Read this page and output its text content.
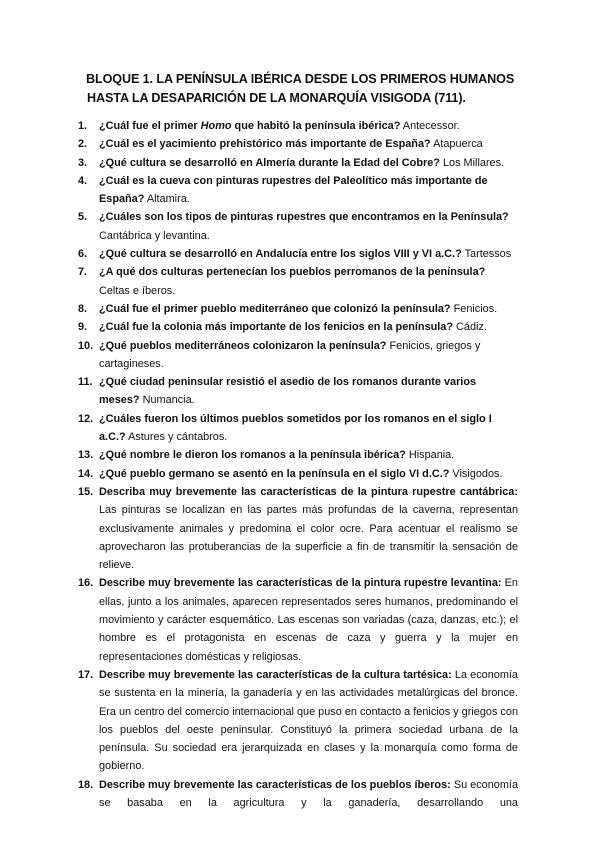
BLOQUE 1. LA PENÍNSULA IBÉRICA DESDE LOS PRIMEROS HUMANOS
HASTA LA DESAPARICIÓN DE LA MONARQUÍA VISIGODA (711).
1. ¿Cuál fue el primer Homo que habitó la península ibérica? Antecessor.
2. ¿Cuál es el yacimiento prehistórico más importante de España? Atapuerca
3. ¿Qué cultura se desarrolló en Almería durante la Edad del Cobre? Los Millares.
4. ¿Cuál es la cueva con pinturas rupestres del Paleolítico más importante de España? Altamira.
5. ¿Cuáles son los tipos de pinturas rupestres que encontramos en la Península? Cantábrica y levantina.
6. ¿Qué cultura se desarrolló en Andalucía entre los siglos VIII y VI a.C.? Tartessos
7. ¿A qué dos culturas pertenecían los pueblos perromanos de la península? Celtas e íberos.
8. ¿Cuál fue el primer pueblo mediterráneo que colonizó la península? Fenicios.
9. ¿Cuál fue la colonia más importante de los fenicios en la península? Cádiz.
10. ¿Qué pueblos mediterráneos colonizaron la península? Fenicios, griegos y cartagineses.
11. ¿Qué ciudad peninsular resistió el asedio de los romanos durante varios meses? Numancia.
12. ¿Cuáles fueron los últimos pueblos sometidos por los romanos en el siglo I a.C.? Astures y cántabros.
13. ¿Qué nombre le dieron los romanos a la península ibérica? Hispania.
14. ¿Qué pueblo germano se asentó en la península en el siglo VI d.C.? Visigodos.
15. Describa muy brevemente las características de la pintura rupestre cantábrica: Las pinturas se localizan en las partes más profundas de la caverna, representan exclusivamente animales y predomina el color ocre. Para acentuar el realismo se aprovecharon las protuberancias de la superficie a fin de transmitir la sensación de relieve.
16. Describe muy brevemente las características de la pintura rupestre levantina: En ellas, junto a los animales, aparecen representados seres humanos, predominando el movimiento y carácter esquemático. Las escenas son variadas (caza, danzas, etc.); el hombre es el protagonista en escenas de caza y guerra y la mujer en representaciones domésticas y religiosas.
17. Describe muy brevemente las características de la cultura tartésica: La economía se sustenta en la minería, la ganadería y en las actividades metalúrgicas del bronce. Era un centro del comercio internacional que puso en contacto a fenicios y griegos con los pueblos del oeste peninsular. Constituyó la primera sociedad urbana de la península. Su sociedad era jerarquizada en clases y la monarquía como forma de gobierno.
18. Describe muy brevemente las características de los pueblos íberos: Su economía se basaba en la agricultura y la ganadería, desarrollando una
